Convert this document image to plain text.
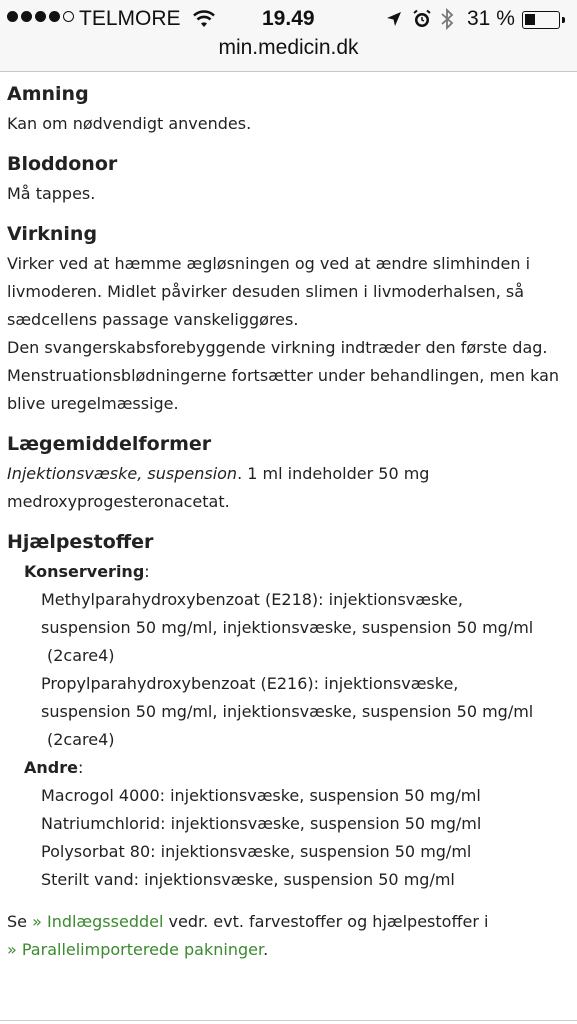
TELMORE	19.49	31 %
min.medicin.dk
Amning
Kan om nødvendigt anvendes.
Bloddonor
Må tappes.
Virkning
Virker ved at hæmme ægløsningen og ved at ændre slimhinden i
livmoderen. Midlet påvirker desuden slimen i livmoderhalsen, så
sædcellens passage vanskeliggøres.
Den svangerskabsforebyggende virkning indtræder den første dag.
Menstruationsblødningerne fortsætter under behandlingen, men kan
blive uregelmæssige.
Lægemiddelformer
Injektionsvæske, suspension. 1 ml indeholder 50 mg
medroxyprogesteronacetat.
Hjælpestoffer
Konservering:
Methylparahydroxybenzoat (E218): injektionsvæske,
suspension 50 mg/ml, injektionsvæske, suspension 50 mg/ml
(2care4)
Propylparahydroxybenzoat (E216): injektionsvæske,
suspension 50 mg/ml, injektionsvæske, suspension 50 mg/ml
(2care4)
Andre:
Macrogol 4000: injektionsvæske, suspension 50 mg/ml
Natriumchlorid: injektionsvæske, suspension 50 mg/ml
Polysorbat 80: injektionsvæske, suspension 50 mg/ml
Sterilt vand: injektionsvæske, suspension 50 mg/ml
Se » Indlægsseddel vedr. evt. farvestoffer og hjælpestoffer i
» Parallelimporterede pakninger.
